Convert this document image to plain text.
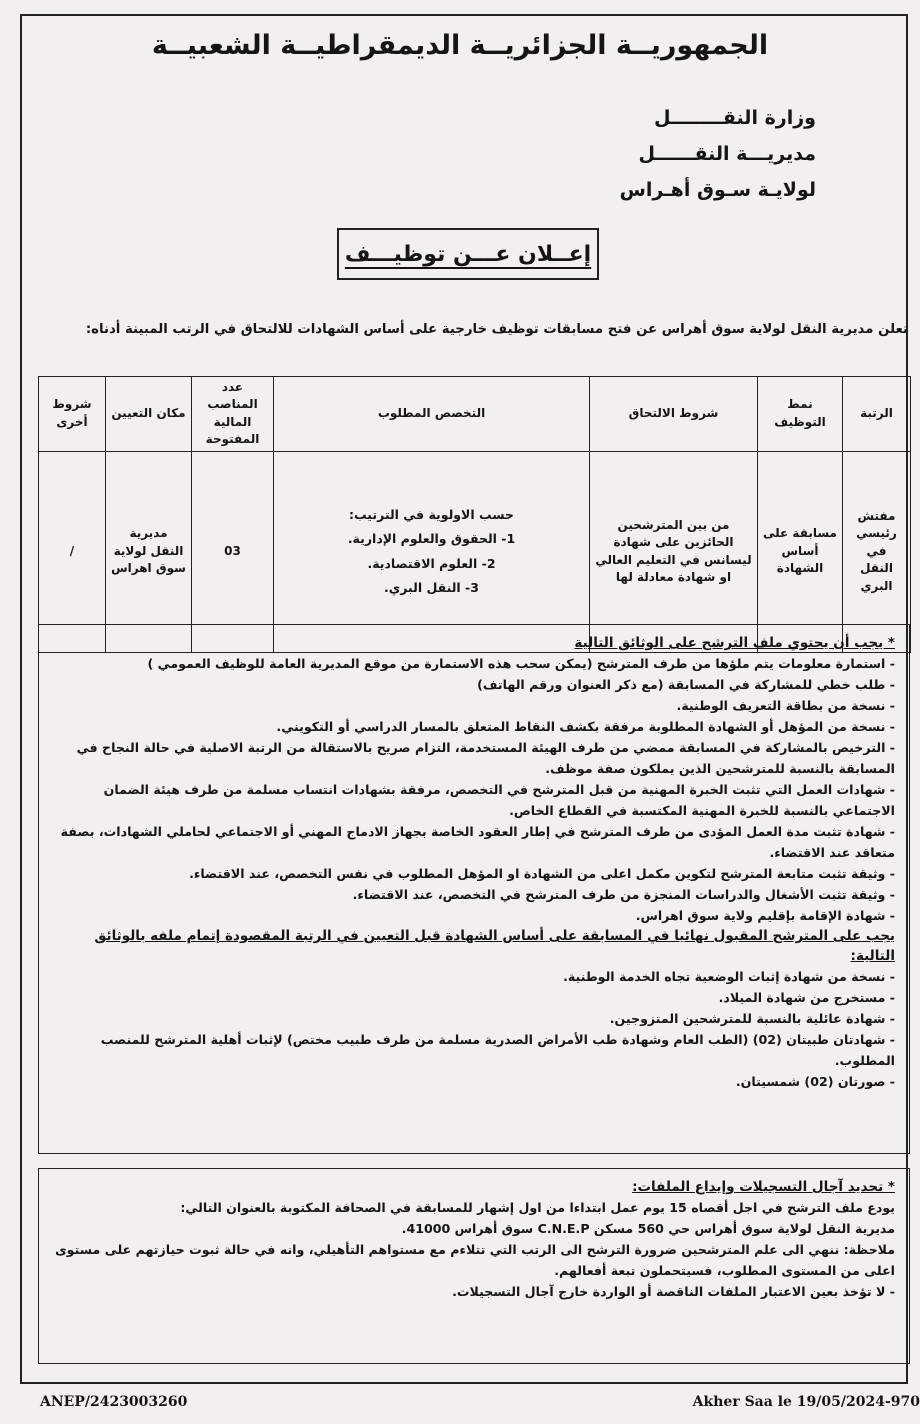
الجمهوريــة الجزائريــة الديمقراطيــة الشعبيــة
وزارة النقــــــــل
مديريـــة النقــــــل
لولايـة سـوق أهـراس
إعــلان عـــن توظيـــف
تعلن مديرية النقل لولاية سوق أهراس عن فتح مسابقات توظيف خارجية على أساس الشهادات للالتحاق في الرتب المبينة أدناه:
الرتبة	نمط التوظيف	شروط الالتحاق	التخصص المطلوب	عدد المناصب المالية المفتوحة	مكان التعيين	شروط أخرى
مفتش رئيسي في النقل البري	مسابقة على أساس الشهادة	من بين المترشحين الحائزين على شهادة ليسانس في التعليم العالي او شهادة معادلة لها	حسب الاولوية في الترتيب:
1- الحقوق والعلوم الإدارية.
2- العلوم الاقتصادية.
3- النقل البري.	03	مديرية النقل لولاية سوق اهراس	/
* يجب أن يحتوي ملف الترشح على الوثائق التالية
- استمارة معلومات يتم ملؤها من طرف المترشح (يمكن سحب هذه الاستمارة من موقع المديرية العامة للوظيف العمومي )
- طلب خطي للمشاركة في المسابقة (مع ذكر العنوان ورقم الهاتف)
- نسخة من بطاقة التعريف الوطنية.
- نسخة من المؤهل أو الشهادة المطلوبة مرفقة بكشف النقاط المتعلق بالمسار الدراسي أو التكويني.
- الترخيص بالمشاركة في المسابقة ممضي من طرف الهيئة المستخدمة، التزام صريح بالاستقالة من الرتبة الاصلية في حالة النجاح في المسابقة بالنسبة للمترشحين الذين يملكون صفة موظف.
- شهادات العمل التي تثبت الخبرة المهنية من قبل المترشح في التخصص، مرفقة بشهادات انتساب مسلمة من طرف هيئة الضمان الاجتماعي بالنسبة للخبرة المهنية المكتسبة في القطاع الخاص.
- شهادة تثبت مدة العمل المؤدى من طرف المترشح في إطار العقود الخاصة بجهاز الادماج المهني أو الاجتماعي لحاملي الشهادات، بصفة متعاقد عند الاقتضاء.
- وثيقة تثبت متابعة المترشح لتكوين مكمل اعلى من الشهادة او المؤهل المطلوب في نفس التخصص، عند الاقتضاء.
- وثيقة تثبت الأشغال والدراسات المنجزة من طرف المترشح في التخصص، عند الاقتضاء.
- شهادة الإقامة بإقليم ولاية سوق اهراس.
يجب على المترشح المقبول نهائيا في المسابقة على أساس الشهادة قبل التعيين في الرتبة المقصودة إتمام ملفه بالوثائق التالية:
- نسخة من شهادة إثبات الوضعية تجاه الخدمة الوطنية.
- مستخرج من شهادة الميلاد.
- شهادة عائلية بالنسبة للمترشحين المتزوجين.
- شهادتان طبيتان (02) (الطب العام وشهادة طب الأمراض الصدرية مسلمة من طرف طبيب مختص) لإثبات أهلية المترشح للمنصب المطلوب.
- صورتان (02) شمسيتان.
* تحديد آجال التسجيلات وإيداع الملفات:
يودع ملف الترشح في اجل أقصاه 15 يوم عمل ابتداءا من اول إشهار للمسابقة في الصحافة المكتوبة بالعنوان التالي:
مديرية النقل لولاية سوق أهراس حي 560 مسكن C.N.E.P سوق أهراس 41000.
ملاحظة: ننهي الى علم المترشحين ضرورة الترشح الى الرتب التي تتلاءم مع مستواهم التأهيلي، وانه في حالة ثبوت حيازتهم على مستوى اعلى من المستوى المطلوب، فسيتحملون تبعة أفعالهم.
- لا تؤخذ بعين الاعتبار الملفات الناقصة أو الواردة خارج آجال التسجيلات.
ANEP/2423003260	Akher Saa le 19/05/2024-970
